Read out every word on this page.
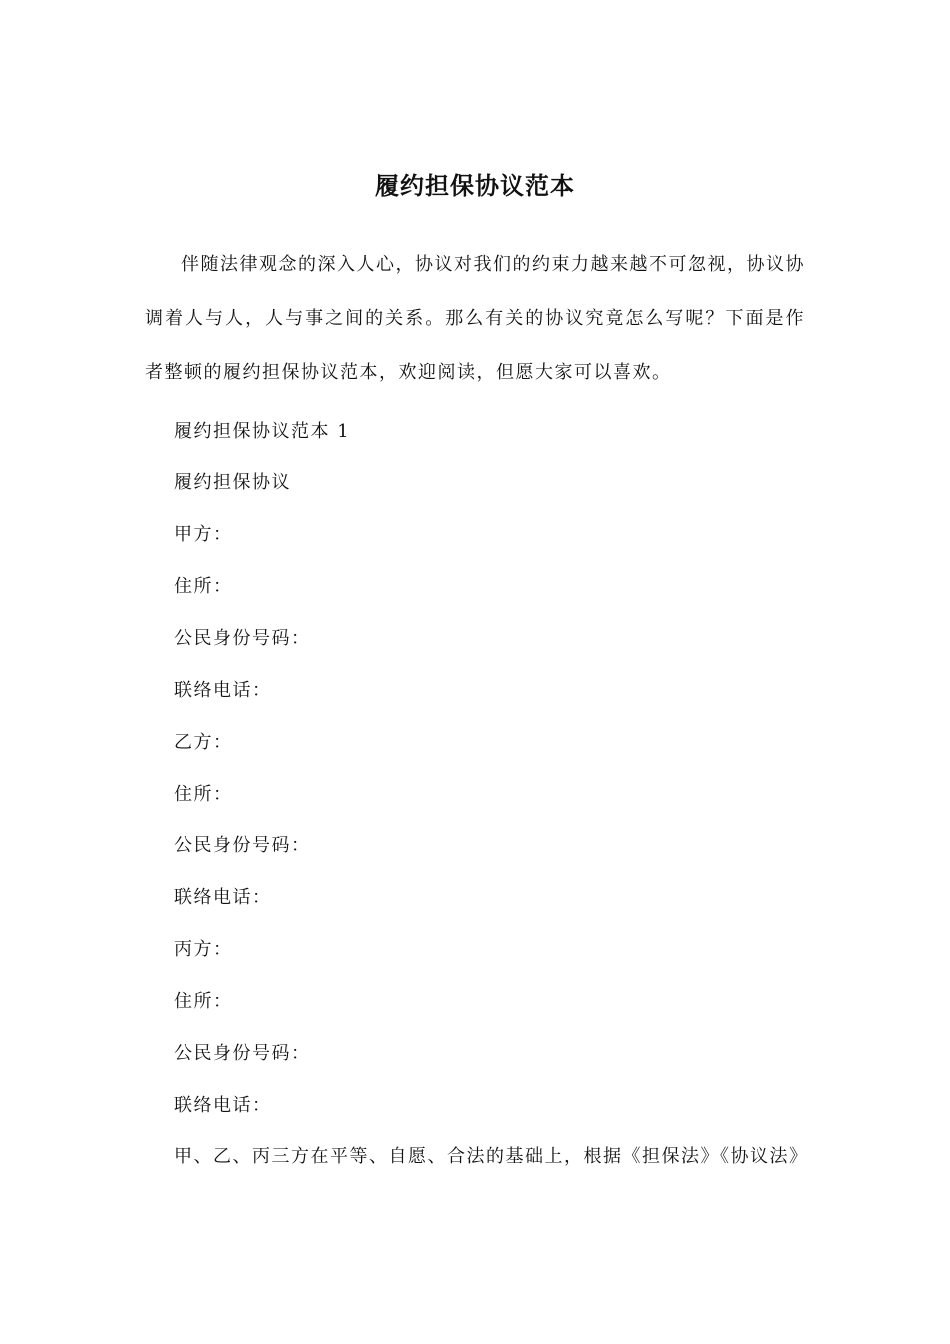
履约担保协议范本

伴随法律观念的深入人心，协议对我们的约束力越来越不可忽视，协议协调着人与人，人与事之间的关系。那么有关的协议究竟怎么写呢？下面是作者整顿的履约担保协议范本，欢迎阅读，但愿大家可以喜欢。

履约担保协议范本 1

履约担保协议

甲方：

住所：

公民身份号码：

联络电话：

乙方：

住所：

公民身份号码：

联络电话：

丙方：

住所：

公民身份号码：

联络电话：

甲、乙、丙三方在平等、自愿、合法的基础上，根据《担保法》《协议法》
